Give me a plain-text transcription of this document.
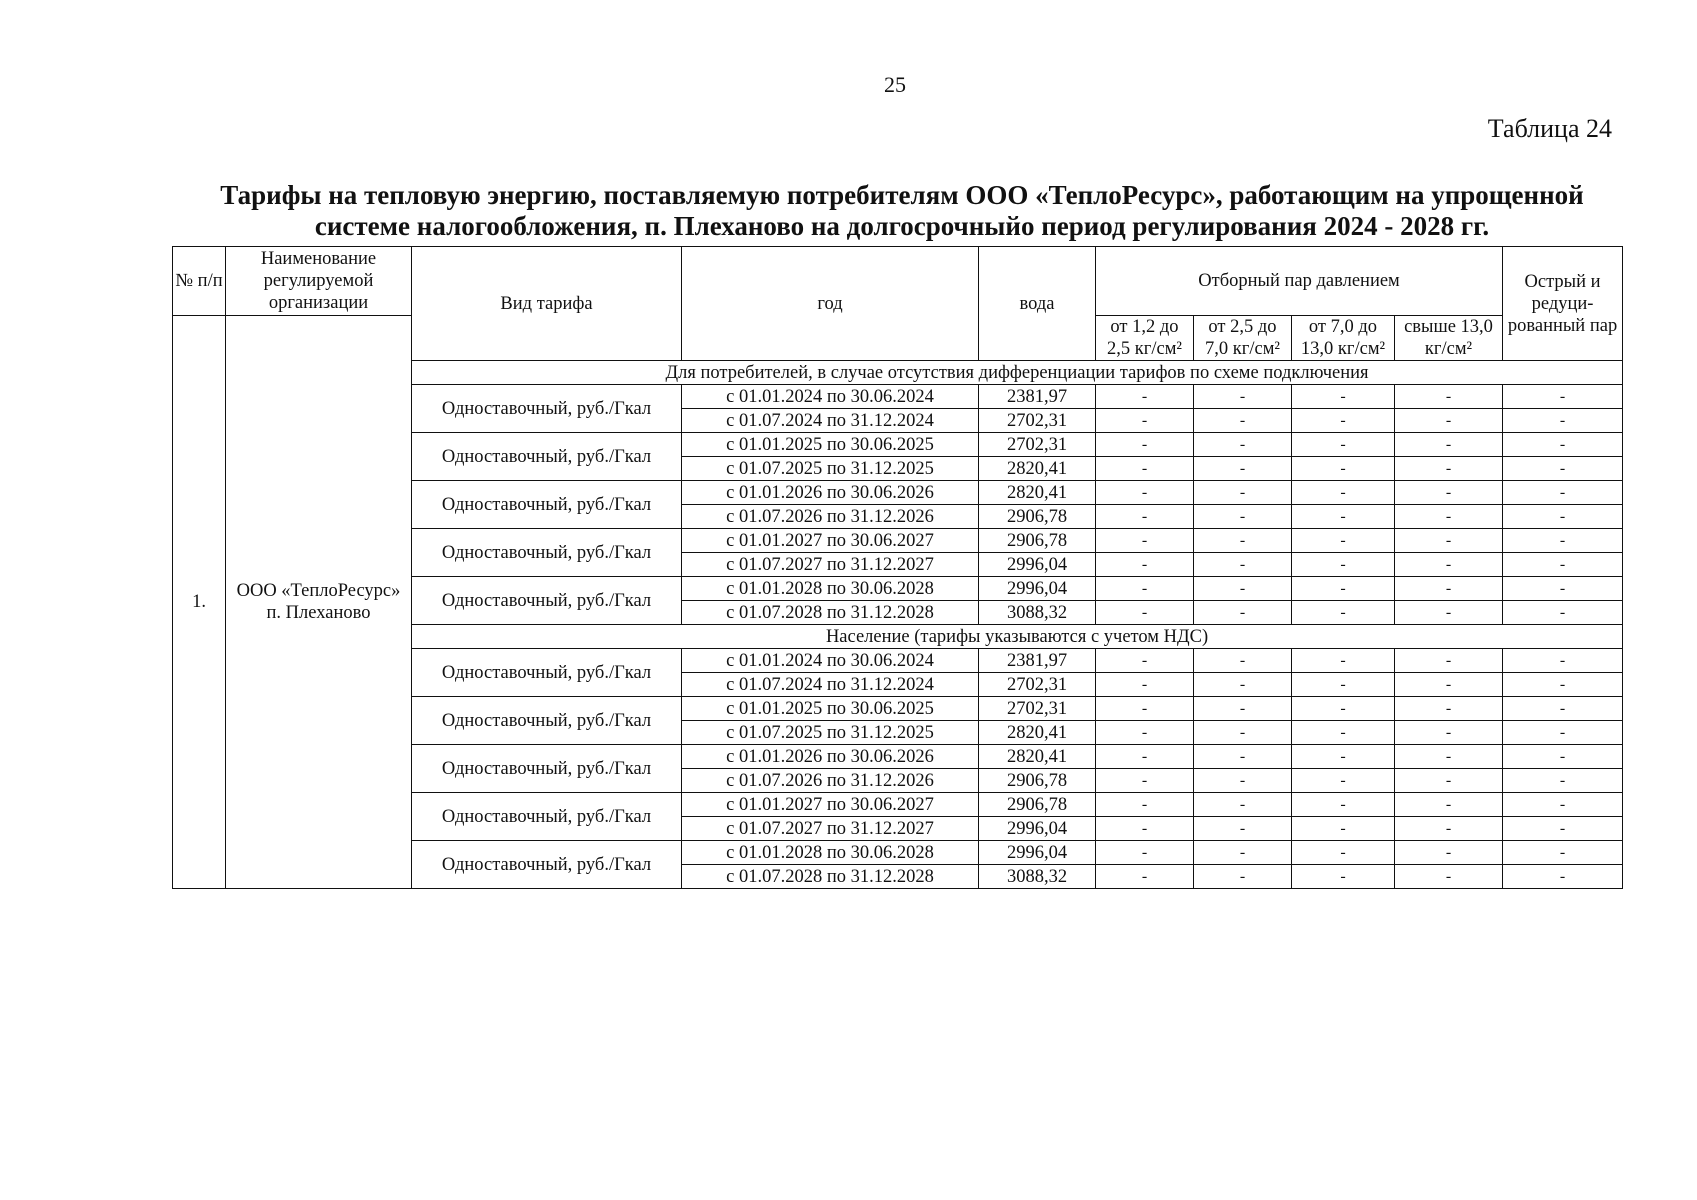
25
Таблица 24
Тарифы на тепловую энергию, поставляемую потребителям ООО «ТеплоРесурс», работающим на упрощенной
системе налогообложения, п. Плеханово на долгосрочныйо период регулирования 2024 - 2028 гг.
№ п/п	Наименование регулируемой организации	Вид тарифа	год	вода	Отборный пар давлением				Острый и редуци-рованный пар
1.	ООО «ТеплоРесурс» п. Плеханово				от 1,2 до 2,5 кг/см²	от 2,5 до 7,0 кг/см²	от 7,0 до 13,0 кг/см²	свыше 13,0 кг/см²	
		Для потребителей, в случае отсутствия дифференциации тарифов по схеме подключения							
		Одноставочный, руб./Гкал	с 01.01.2024 по 30.06.2024	2381,97	-	-	-	-	-
			с 01.07.2024 по 31.12.2024	2702,31	-	-	-	-	-
		Одноставочный, руб./Гкал	с 01.01.2025 по 30.06.2025	2702,31	-	-	-	-	-
			с 01.07.2025 по 31.12.2025	2820,41	-	-	-	-	-
		Одноставочный, руб./Гкал	с 01.01.2026 по 30.06.2026	2820,41	-	-	-	-	-
			с 01.07.2026 по 31.12.2026	2906,78	-	-	-	-	-
		Одноставочный, руб./Гкал	с 01.01.2027 по 30.06.2027	2906,78	-	-	-	-	-
			с 01.07.2027 по 31.12.2027	2996,04	-	-	-	-	-
		Одноставочный, руб./Гкал	с 01.01.2028 по 30.06.2028	2996,04	-	-	-	-	-
			с 01.07.2028 по 31.12.2028	3088,32	-	-	-	-	-
		Население (тарифы указываются с учетом НДС)							
		Одноставочный, руб./Гкал	с 01.01.2024 по 30.06.2024	2381,97	-	-	-	-	-
			с 01.07.2024 по 31.12.2024	2702,31	-	-	-	-	-
		Одноставочный, руб./Гкал	с 01.01.2025 по 30.06.2025	2702,31	-	-	-	-	-
			с 01.07.2025 по 31.12.2025	2820,41	-	-	-	-	-
		Одноставочный, руб./Гкал	с 01.01.2026 по 30.06.2026	2820,41	-	-	-	-	-
			с 01.07.2026 по 31.12.2026	2906,78	-	-	-	-	-
		Одноставочный, руб./Гкал	с 01.01.2027 по 30.06.2027	2906,78	-	-	-	-	-
			с 01.07.2027 по 31.12.2027	2996,04	-	-	-	-	-
		Одноставочный, руб./Гкал	с 01.01.2028 по 30.06.2028	2996,04	-	-	-	-	-
			с 01.07.2028 по 31.12.2028	3088,32	-	-	-	-	-
